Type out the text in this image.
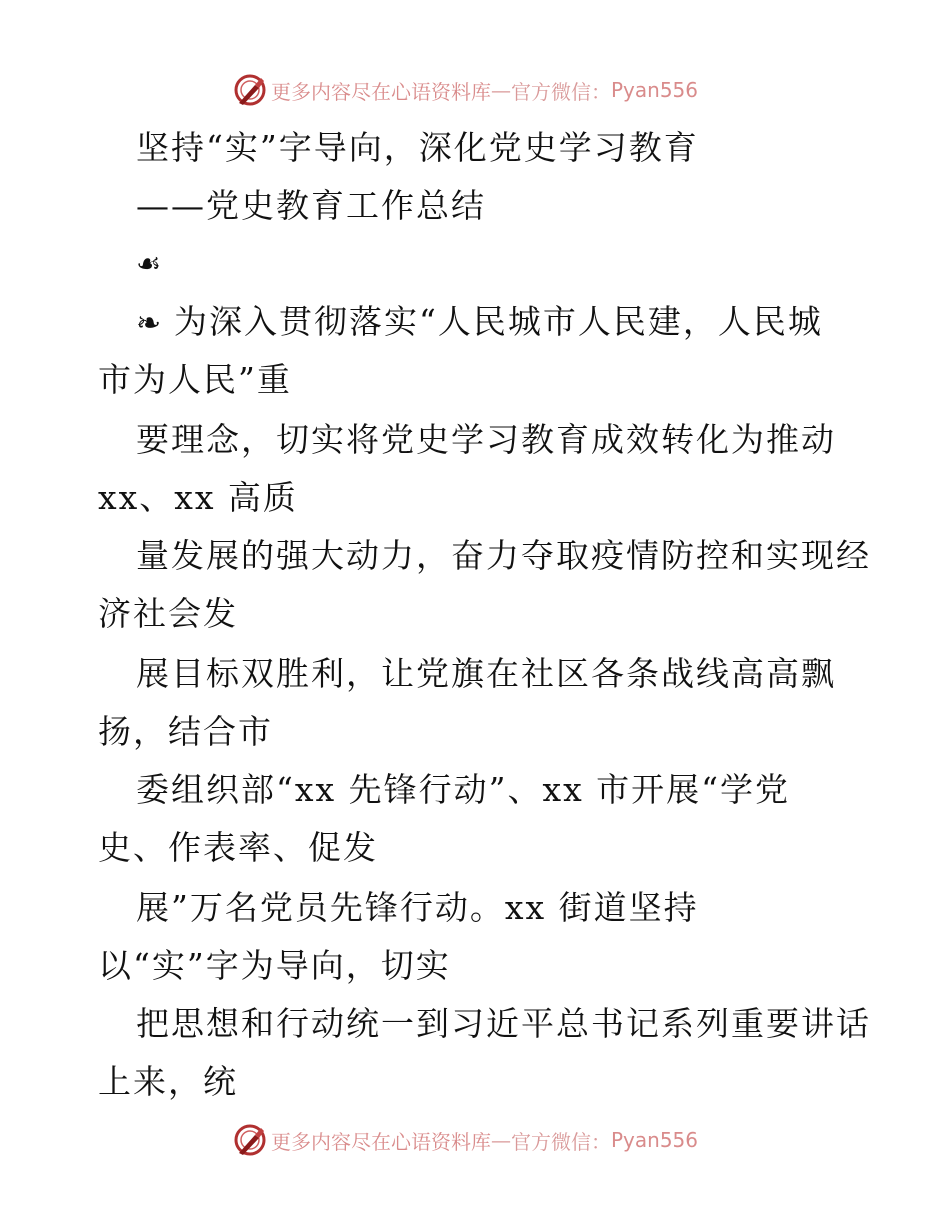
更多内容尽在心语资料库 — 官方微信： Pyan556
坚持“实”字导向，深化党史学习教育
——党史教育工作总结
☙
❧ 为深入贯彻落实“人民城市人民建，人民城
市为人民”重
要理念，切实将党史学习教育成效转化为推动
xx、xx 高质
量发展的强大动力，奋力夺取疫情防控和实现经
济社会发
展目标双胜利，让党旗在社区各条战线高高飘
扬，结合市
委组织部“xx 先锋行动”、xx 市开展“学党
史、作表率、促发
展”万名党员先锋行动。xx 街道坚持
以“实”字为导向，切实
把思想和行动统一到习近平总书记系列重要讲话
上来，统
更多内容尽在心语资料库 — 官方微信： Pyan556
